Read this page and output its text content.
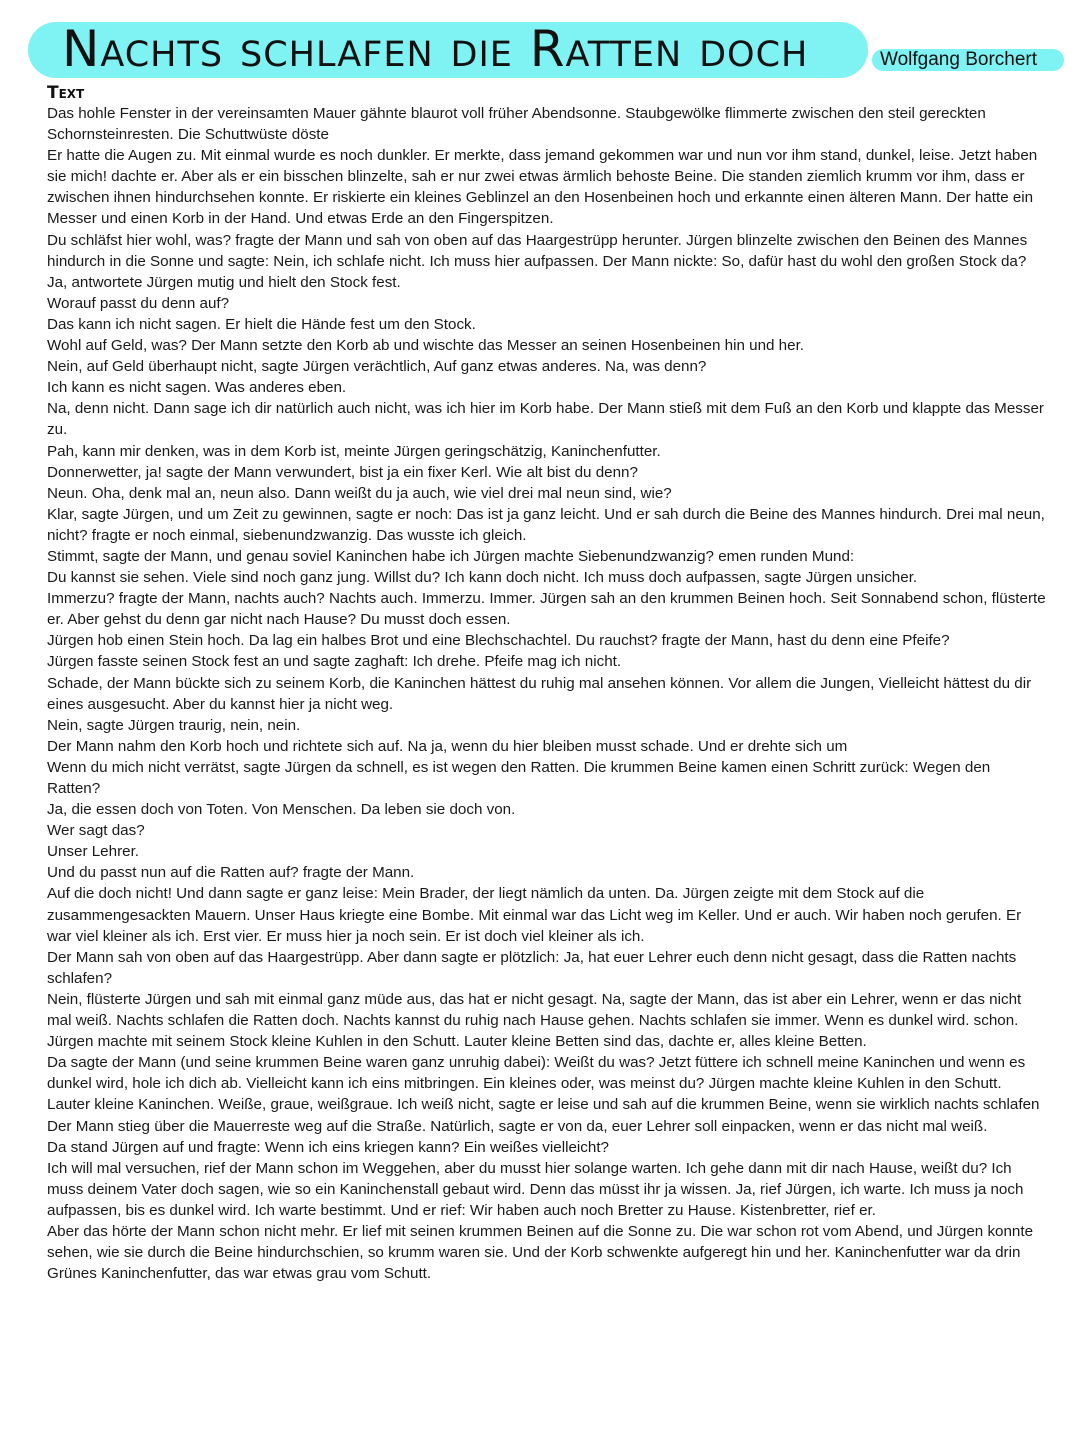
Nachts schlafen die Ratten doch	Wolfgang Borchert
Text

Das hohle Fenster in der vereinsamten Mauer gähnte blaurot voll früher Abendsonne. Staubgewölke flimmerte zwischen den steil gereckten Schornsteinresten. Die Schuttwüste döste

Er hatte die Augen zu. Mit einmal wurde es noch dunkler. Er merkte, dass jemand gekommen war und nun vor ihm stand, dunkel, leise. Jetzt haben sie mich! dachte er. Aber als er ein bisschen blinzelte, sah er nur zwei etwas ärmlich behoste Beine. Die standen ziemlich krumm vor ihm, dass er zwischen ihnen hindurchsehen konnte. Er riskierte ein kleines Geblinzel an den Hosenbeinen hoch und erkannte einen älteren Mann. Der hatte ein Messer und einen Korb in der Hand. Und etwas Erde an den Fingerspitzen.

Du schläfst hier wohl, was? fragte der Mann und sah von oben auf das Haargestrüpp herunter. Jürgen blinzelte zwischen den Beinen des Mannes hindurch in die Sonne und sagte: Nein, ich schlafe nicht. Ich muss hier aufpassen. Der Mann nickte: So, dafür hast du wohl den großen Stock da?

Ja, antwortete Jürgen mutig und hielt den Stock fest.

Worauf passt du denn auf?

Das kann ich nicht sagen. Er hielt die Hände fest um den Stock.

Wohl auf Geld, was? Der Mann setzte den Korb ab und wischte das Messer an seinen Hosenbeinen hin und her.

Nein, auf Geld überhaupt nicht, sagte Jürgen verächtlich, Auf ganz etwas anderes. Na, was denn?

Ich kann es nicht sagen. Was anderes eben.

Na, denn nicht. Dann sage ich dir natürlich auch nicht, was ich hier im Korb habe. Der Mann stieß mit dem Fuß an den Korb und klappte das Messer zu.

Pah, kann mir denken, was in dem Korb ist, meinte Jürgen geringschätzig, Kaninchenfutter.

Donnerwetter, ja! sagte der Mann verwundert, bist ja ein fixer Kerl. Wie alt bist du denn?

Neun. Oha, denk mal an, neun also. Dann weißt du ja auch, wie viel drei mal neun sind, wie?

Klar, sagte Jürgen, und um Zeit zu gewinnen, sagte er noch: Das ist ja ganz leicht. Und er sah durch die Beine des Mannes hindurch. Drei mal neun, nicht? fragte er noch einmal, siebenundzwanzig. Das wusste ich gleich.

Stimmt, sagte der Mann, und genau soviel Kaninchen habe ich Jürgen machte Siebenundzwanzig? emen runden Mund:

Du kannst sie sehen. Viele sind noch ganz jung. Willst du? Ich kann doch nicht. Ich muss doch aufpassen, sagte Jürgen unsicher.

Immerzu? fragte der Mann, nachts auch? Nachts auch. Immerzu. Immer. Jürgen sah an den krummen Beinen hoch. Seit Sonnabend schon, flüsterte er. Aber gehst du denn gar nicht nach Hause? Du musst doch essen.

Jürgen hob einen Stein hoch. Da lag ein halbes Brot und eine Blechschachtel. Du rauchst? fragte der Mann, hast du denn eine Pfeife?

Jürgen fasste seinen Stock fest an und sagte zaghaft: Ich drehe. Pfeife mag ich nicht.

Schade, der Mann bückte sich zu seinem Korb, die Kaninchen hättest du ruhig mal ansehen können. Vor allem die Jungen, Vielleicht hättest du dir eines ausgesucht. Aber du kannst hier ja nicht weg.

Nein, sagte Jürgen traurig, nein, nein.

Der Mann nahm den Korb hoch und richtete sich auf. Na ja, wenn du hier bleiben musst schade. Und er drehte sich um

Wenn du mich nicht verrätst, sagte Jürgen da schnell, es ist wegen den Ratten. Die krummen Beine kamen einen Schritt zurück: Wegen den Ratten?

Ja, die essen doch von Toten. Von Menschen. Da leben sie doch von.

Wer sagt das?

Unser Lehrer.

Und du passt nun auf die Ratten auf? fragte der Mann.

Auf die doch nicht! Und dann sagte er ganz leise: Mein Brader, der liegt nämlich da unten. Da. Jürgen zeigte mit dem Stock auf die zusammengesackten Mauern. Unser Haus kriegte eine Bombe. Mit einmal war das Licht weg im Keller. Und er auch. Wir haben noch gerufen. Er war viel kleiner als ich. Erst vier. Er muss hier ja noch sein. Er ist doch viel kleiner als ich.

Der Mann sah von oben auf das Haargestrüpp. Aber dann sagte er plötzlich: Ja, hat euer Lehrer euch denn nicht gesagt, dass die Ratten nachts schlafen?

Nein, flüsterte Jürgen und sah mit einmal ganz müde aus, das hat er nicht gesagt. Na, sagte der Mann, das ist aber ein Lehrer, wenn er das nicht mal weiß. Nachts schlafen die Ratten doch. Nachts kannst du ruhig nach Hause gehen. Nachts schlafen sie immer. Wenn es dunkel wird. schon.

Jürgen machte mit seinem Stock kleine Kuhlen in den Schutt. Lauter kleine Betten sind das, dachte er, alles kleine Betten.

Da sagte der Mann (und seine krummen Beine waren ganz unruhig dabei): Weißt du was? Jetzt füttere ich schnell meine Kaninchen und wenn es dunkel wird, hole ich dich ab. Vielleicht kann ich eins mitbringen. Ein kleines oder, was meinst du? Jürgen machte kleine Kuhlen in den Schutt. Lauter kleine Kaninchen. Weiße, graue, weißgraue. Ich weiß nicht, sagte er leise und sah auf die krummen Beine, wenn sie wirklich nachts schlafen

Der Mann stieg über die Mauerreste weg auf die Straße. Natürlich, sagte er von da, euer Lehrer soll einpacken, wenn er das nicht mal weiß.

Da stand Jürgen auf und fragte: Wenn ich eins kriegen kann? Ein weißes vielleicht?

Ich will mal versuchen, rief der Mann schon im Weggehen, aber du musst hier solange warten. Ich gehe dann mit dir nach Hause, weißt du? Ich muss deinem Vater doch sagen, wie so ein Kaninchenstall gebaut wird. Denn das müsst ihr ja wissen. Ja, rief Jürgen, ich warte. Ich muss ja noch aufpassen, bis es dunkel wird. Ich warte bestimmt. Und er rief: Wir haben auch noch Bretter zu Hause. Kistenbretter, rief er.

Aber das hörte der Mann schon nicht mehr. Er lief mit seinen krummen Beinen auf die Sonne zu. Die war schon rot vom Abend, und Jürgen konnte sehen, wie sie durch die Beine hindurchschien, so krumm waren sie. Und der Korb schwenkte aufgeregt hin und her. Kaninchenfutter war da drin Grünes Kaninchenfutter, das war etwas grau vom Schutt.
